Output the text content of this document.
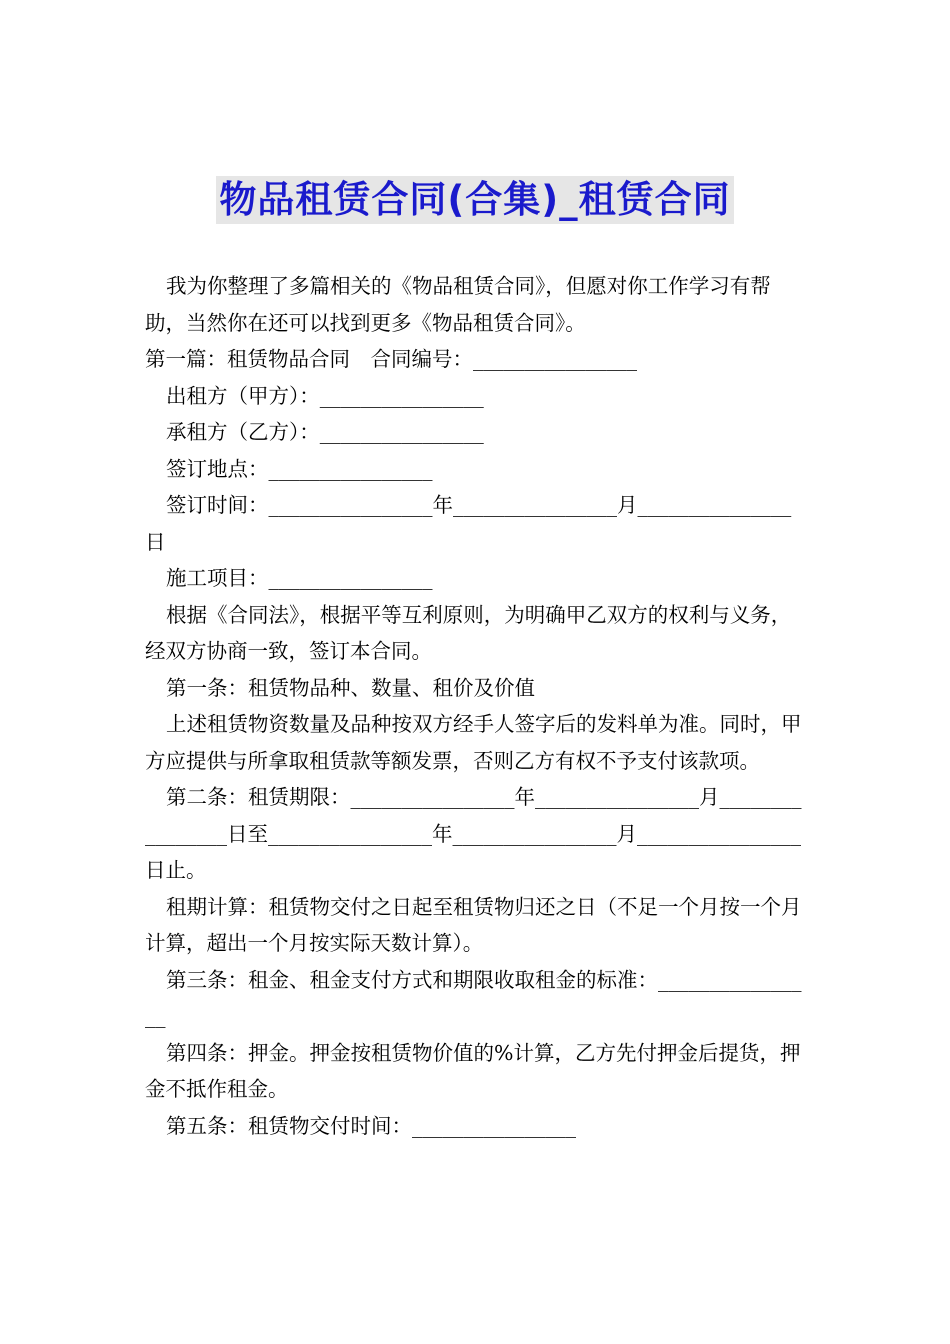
物品租赁合同(合集)_租赁合同

我为你整理了多篇相关的《物品租赁合同》，但愿对你工作学习有帮助，当然你在还可以找到更多《物品租赁合同》。

第一篇：租赁物品合同　合同编号：________________

出租方（甲方）：________________

承租方（乙方）：________________

签订地点：________________

签订时间：________________年________________月_______________日

施工项目：________________

根据《合同法》，根据平等互利原则，为明确甲乙双方的权利与义务，经双方协商一致，签订本合同。

第一条：租赁物品种、数量、租价及价值

上述租赁物资数量及品种按双方经手人签字后的发料单为准。同时，甲方应提供与所拿取租赁款等额发票，否则乙方有权不予支付该款项。

第二条：租赁期限：________________年________________月________________日至________________年________________月________________日止。

租期计算：租赁物交付之日起至租赁物归还之日（不足一个月按一个月计算，超出一个月按实际天数计算）。

第三条：租金、租金支付方式和期限收取租金的标准：________________

第四条：押金。押金按租赁物价值的%计算，乙方先付押金后提货，押金不抵作租金。

第五条：租赁物交付时间：________________
